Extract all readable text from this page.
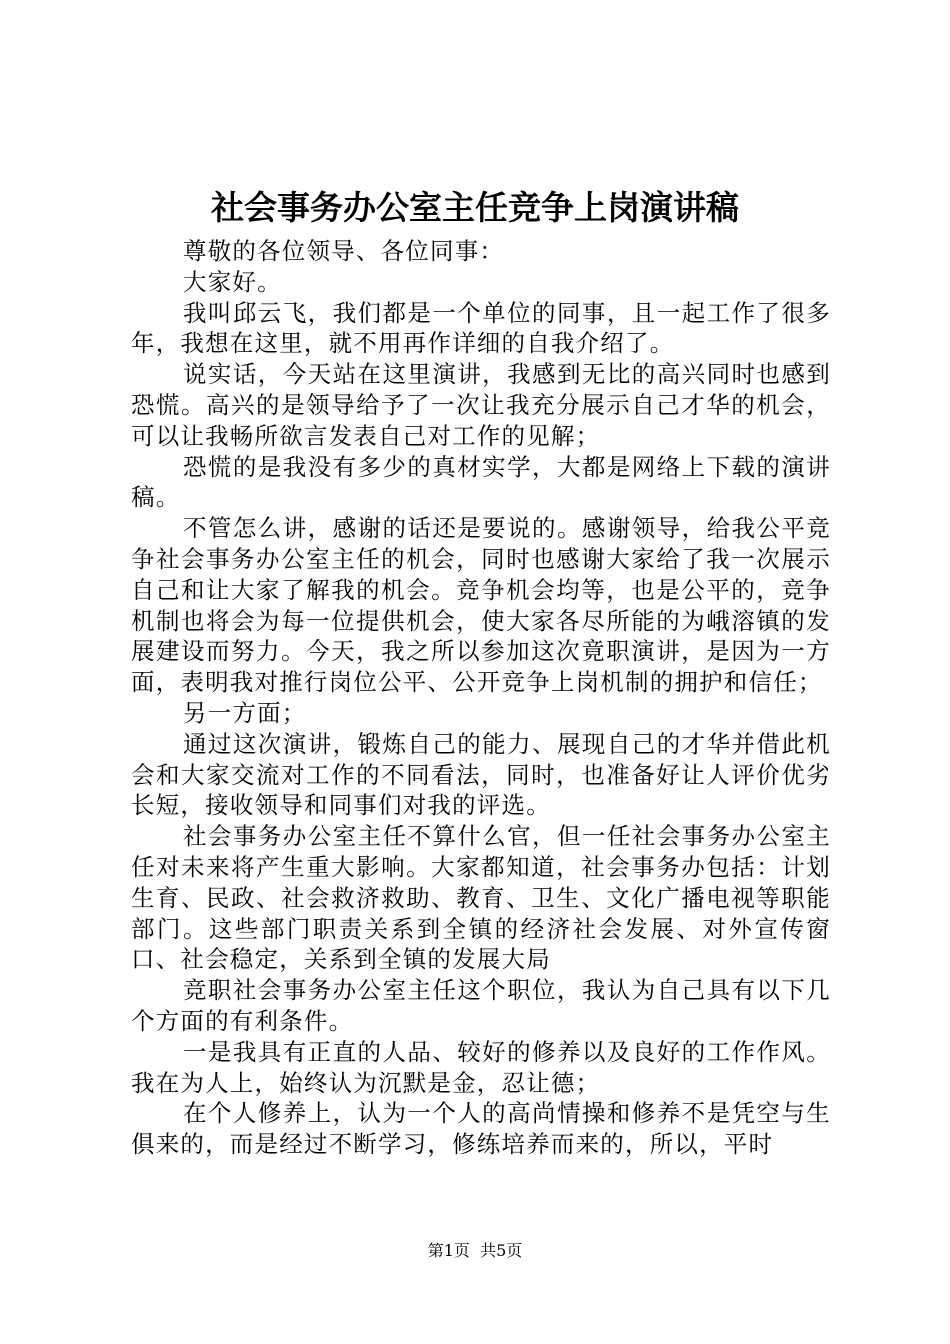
社会事务办公室主任竞争上岗演讲稿

尊敬的各位领导、各位同事：

大家好。

我叫邱云飞，我们都是一个单位的同事，且一起工作了很多年，我想在这里，就不用再作详细的自我介绍了。

说实话，今天站在这里演讲，我感到无比的高兴同时也感到恐慌。高兴的是领导给予了一次让我充分展示自己才华的机会，可以让我畅所欲言发表自己对工作的见解；

恐慌的是我没有多少的真材实学，大都是网络上下载的演讲稿。

不管怎么讲，感谢的话还是要说的。感谢领导，给我公平竞争社会事务办公室主任的机会，同时也感谢大家给了我一次展示自己和让大家了解我的机会。竞争机会均等，也是公平的，竞争机制也将会为每一位提供机会，使大家各尽所能的为峨溶镇的发展建设而努力。今天，我之所以参加这次竟职演讲，是因为一方面，表明我对推行岗位公平、公开竞争上岗机制的拥护和信任；

另一方面；

通过这次演讲，锻炼自己的能力、展现自己的才华并借此机会和大家交流对工作的不同看法，同时，也准备好让人评价优劣长短，接收领导和同事们对我的评选。

社会事务办公室主任不算什么官，但一任社会事务办公室主任对未来将产生重大影响。大家都知道，社会事务办包括：计划生育、民政、社会救济救助、教育、卫生、文化广播电视等职能部门。这些部门职责关系到全镇的经济社会发展、对外宣传窗口、社会稳定，关系到全镇的发展大局

竞职社会事务办公室主任这个职位，我认为自己具有以下几个方面的有利条件。

一是我具有正直的人品、较好的修养以及良好的工作作风。我在为人上，始终认为沉默是金，忍让德；

在个人修养上，认为一个人的高尚情操和修养不是凭空与生俱来的，而是经过不断学习，修练培养而来的，所以，平时

第1页  共5页
